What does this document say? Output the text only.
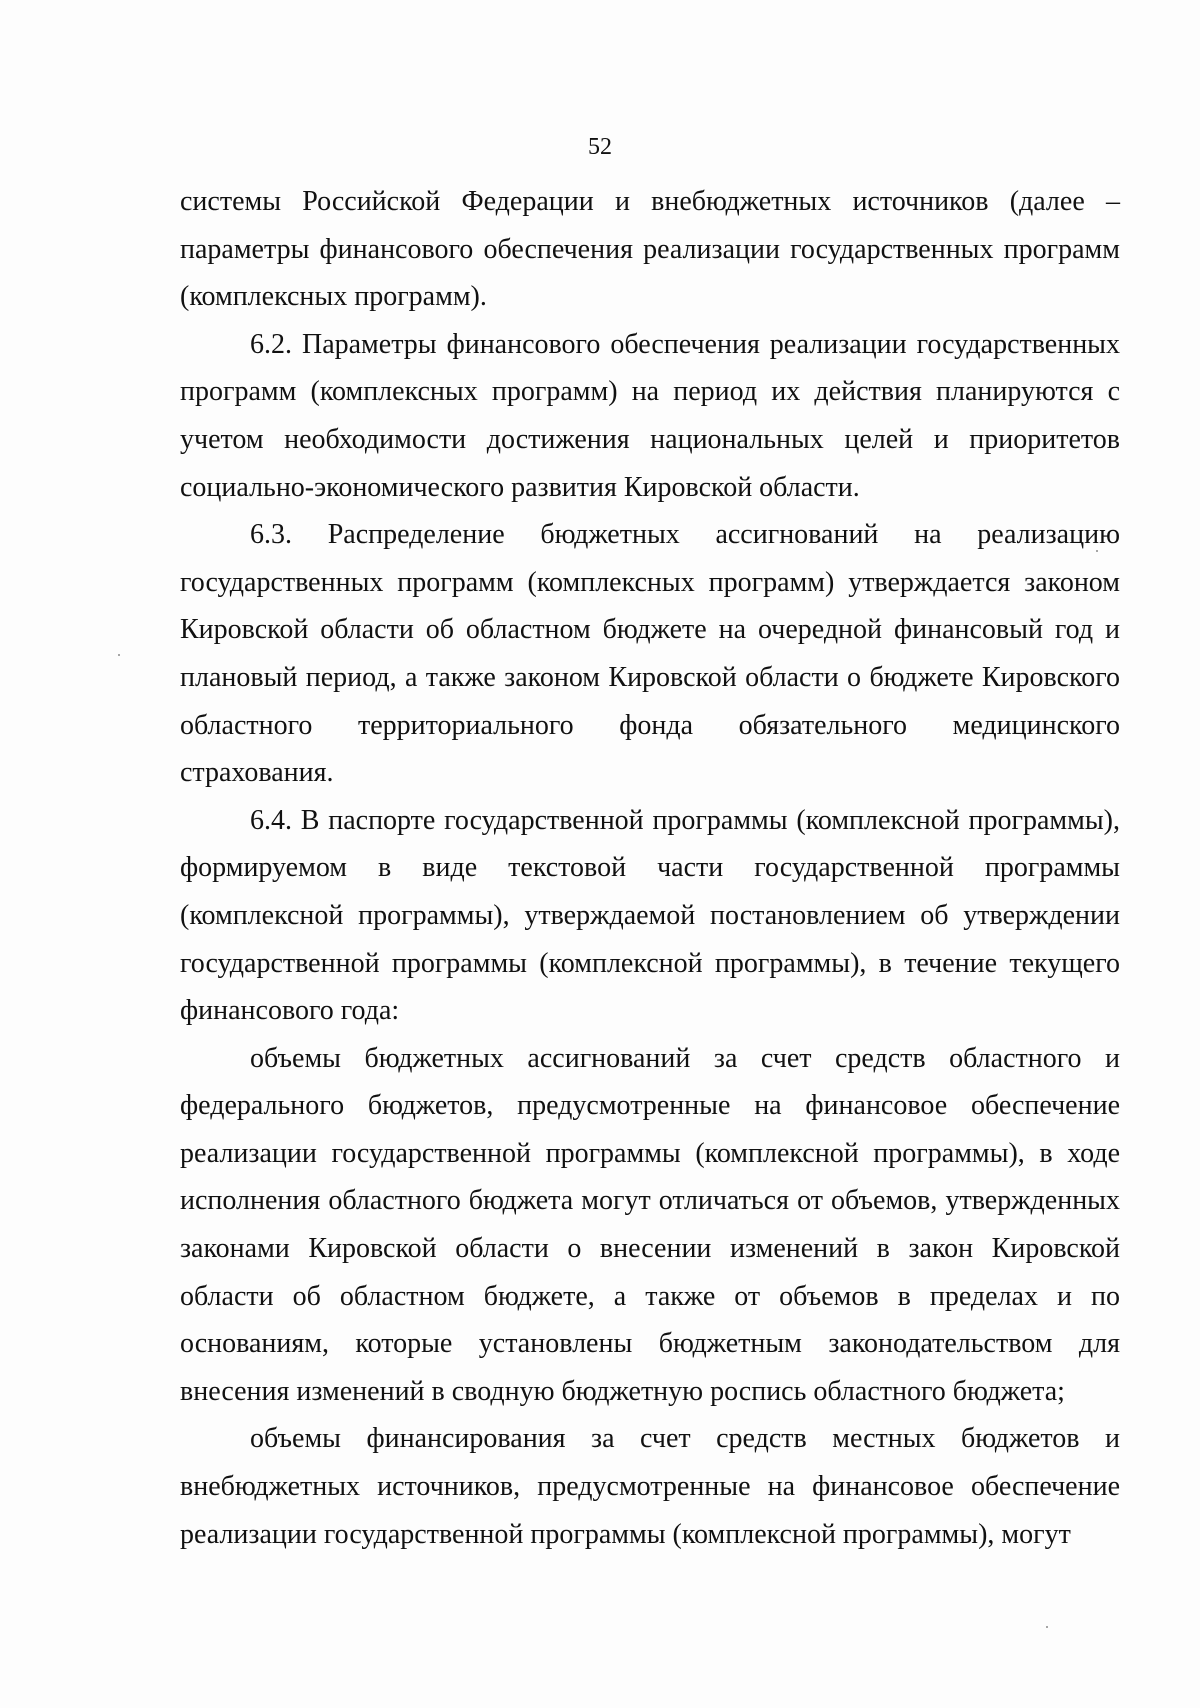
52

системы Российской Федерации и внебюджетных источников (далее – параметры финансового обеспечения реализации государственных программ (комплексных программ).

6.2. Параметры финансового обеспечения реализации государственных программ (комплексных программ) на период их действия планируются с учетом необходимости достижения национальных целей и приоритетов социально-экономического развития Кировской области.

6.3. Распределение бюджетных ассигнований на реализацию государственных программ (комплексных программ) утверждается законом Кировской области об областном бюджете на очередной финансовый год и плановый период, а также законом Кировской области о бюджете Кировского областного территориального фонда обязательного медицинского страхования.

6.4. В паспорте государственной программы (комплексной программы), формируемом в виде текстовой части государственной программы (комплексной программы), утверждаемой постановлением об утверждении государственной программы (комплексной программы), в течение текущего финансового года:

объемы бюджетных ассигнований за счет средств областного и федерального бюджетов, предусмотренные на финансовое обеспечение реализации государственной программы (комплексной программы), в ходе исполнения областного бюджета могут отличаться от объемов, утвержденных законами Кировской области о внесении изменений в закон Кировской области об областном бюджете, а также от объемов в пределах и по основаниям, которые установлены бюджетным законодательством для внесения изменений в сводную бюджетную роспись областного бюджета;

объемы финансирования за счет средств местных бюджетов и внебюджетных источников, предусмотренные на финансовое обеспечение реализации государственной программы (комплексной программы), могут
